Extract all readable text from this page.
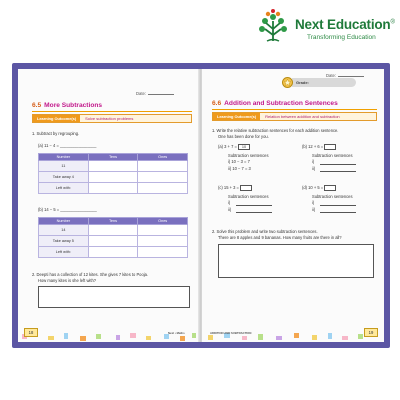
Next Education®
Transforming Education
Date:
6.5 More Subtractions
Learning Outcome(s)	Solve subtraction problems
1. Subtract by regrouping.
(a) 11 − 4 = ________________
Number	Tens	Ones
11		
Take away 4		
Left with:		
(b) 14 − 5 = ________________
Number	Tens	Ones
14		
Take away 5		
Left with:		
2. Deepti has a collection of 12 kites. She gives 7 kites to Pooja.
How many kites is she left with?
18	Next • Maths
Date:
Grade:
6.6 Addition and Subtraction Sentences
Learning Outcome(s)	Relation between addition and subtraction
1. Write the relative subtraction sentences for each addition sentence.
One has been done for you.
(a) 3 + 7 = 10
Subtraction sentences
i) 10 − 3 = 7
ii) 10 − 7 = 3
(b) 12 + 6 =
Subtraction sentences
i)
ii)
(c) 15 + 3 =
Subtraction sentences
i)
ii)
(d) 10 + 5 =
Subtraction sentences
i)
ii)
2. Solve this problem and write two subtraction sentences.
There are 8 apples and 9 bananas. How many fruits are there in all?
ADDITION AND SUBTRACTION	19
